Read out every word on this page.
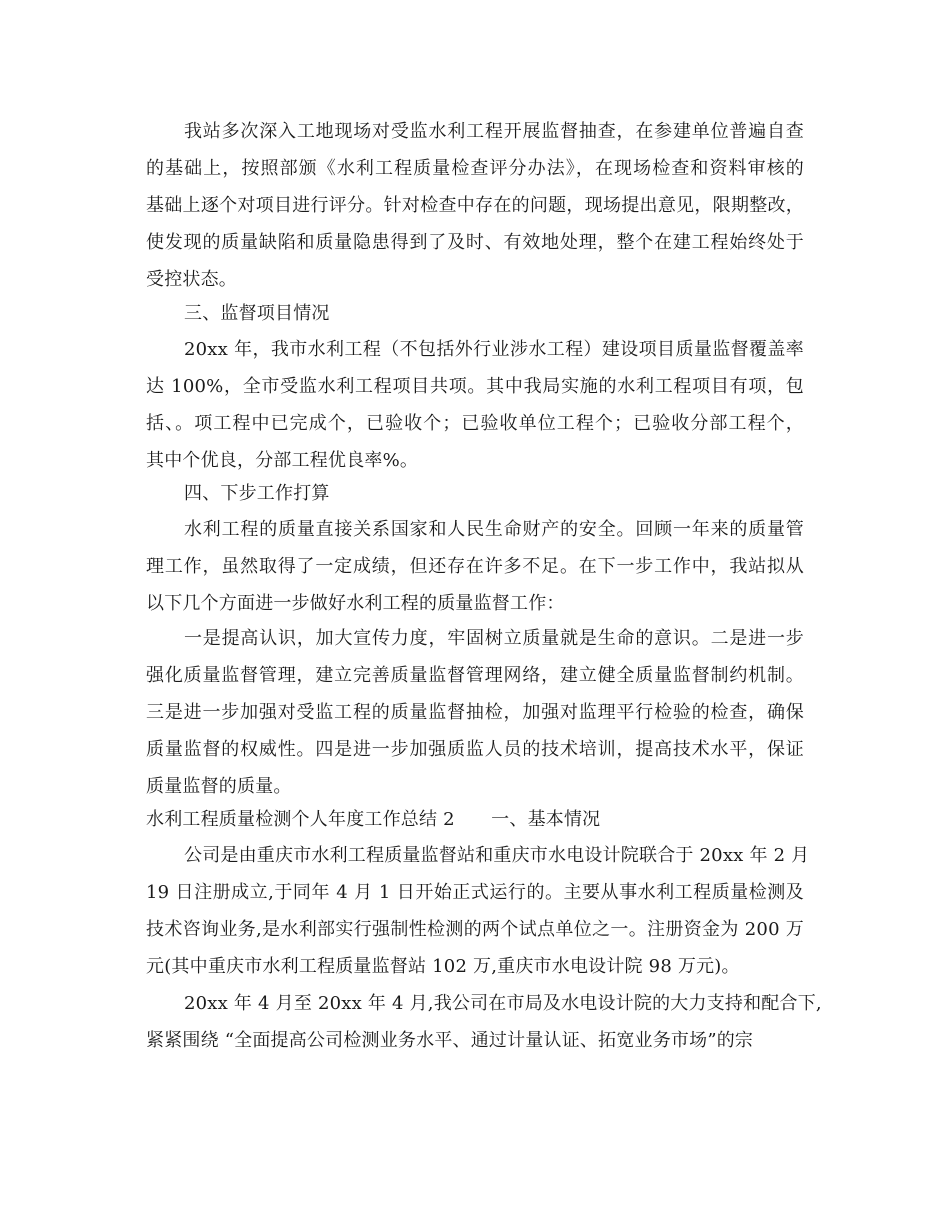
我站多次深入工地现场对受监水利工程开展监督抽查，在参建单位普遍自查
的基础上，按照部颁《水利工程质量检查评分办法》，在现场检查和资料审核的
基础上逐个对项目进行评分。针对检查中存在的问题，现场提出意见，限期整改，
使发现的质量缺陷和质量隐患得到了及时、有效地处理，整个在建工程始终处于
受控状态。
三、监督项目情况
20xx 年，我市水利工程（不包括外行业涉水工程）建设项目质量监督覆盖率
达 100%，全市受监水利工程项目共项。其中我局实施的水利工程项目有项，包
括、。项工程中已完成个，已验收个；已验收单位工程个；已验收分部工程个，
其中个优良，分部工程优良率%。
四、下步工作打算
水利工程的质量直接关系国家和人民生命财产的安全。回顾一年来的质量管
理工作，虽然取得了一定成绩，但还存在许多不足。在下一步工作中，我站拟从
以下几个方面进一步做好水利工程的质量监督工作：
一是提高认识，加大宣传力度，牢固树立质量就是生命的意识。二是进一步
强化质量监督管理，建立完善质量监督管理网络，建立健全质量监督制约机制。
三是进一步加强对受监工程的质量监督抽检，加强对监理平行检验的检查，确保
质量监督的权威性。四是进一步加强质监人员的技术培训，提高技术水平，保证
质量监督的质量。
水利工程质量检测个人年度工作总结 2　　一、基本情况
公司是由重庆市水利工程质量监督站和重庆市水电设计院联合于 20xx 年 2 月
19 日注册成立,于同年 4 月 1 日开始正式运行的。主要从事水利工程质量检测及
技术咨询业务,是水利部实行强制性检测的两个试点单位之一。注册资金为 200 万
元(其中重庆市水利工程质量监督站 102 万,重庆市水电设计院 98 万元)。
20xx 年 4 月至 20xx 年 4 月,我公司在市局及水电设计院的大力支持和配合下,
紧紧围绕 “全面提高公司检测业务水平、通过计量认证、拓宽业务市场”的宗
